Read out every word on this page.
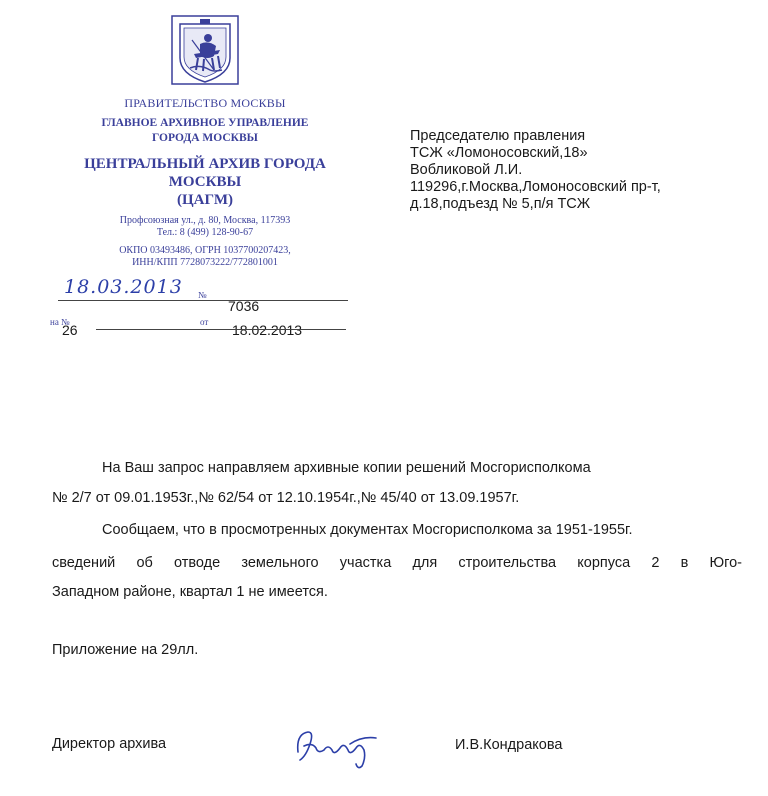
ПРАВИТЕЛЬСТВО МОСКВЫ
ГЛАВНОЕ АРХИВНОЕ УПРАВЛЕНИЕ
ГОРОДА МОСКВЫ
ЦЕНТРАЛЬНЫЙ АРХИВ ГОРОДА
МОСКВЫ
(ЦАГМ)
Профсоюзная ул., д. 80, Москва, 117393
Тел.: 8 (499) 128-90-67
ОКПО 03493486, ОГРН 1037700207423,
ИНН/КПП 7728073222/772801001
18.03.2013 №
7036
на №
26	от 18.02.2013
Председателю правления
ТСЖ «Ломоносовский,18»
Вобликовой Л.И.
119296,г.Москва,Ломоносовский пр-т,
д.18,подъезд № 5,п/я ТСЖ
На Ваш запрос направляем архивные копии решений Мосгорисполкома
№ 2/7 от 09.01.1953г.,№ 62/54 от 12.10.1954г.,№ 45/40 от 13.09.1957г.
Сообщаем, что в просмотренных документах Мосгорисполкома за 1951-1955г.
сведений об отводе земельного участка для строительства корпуса 2 в Юго-
Западном районе, квартал 1 не имеется.
Приложение на 29лл.
Директор архива	И.В.Кондракова
